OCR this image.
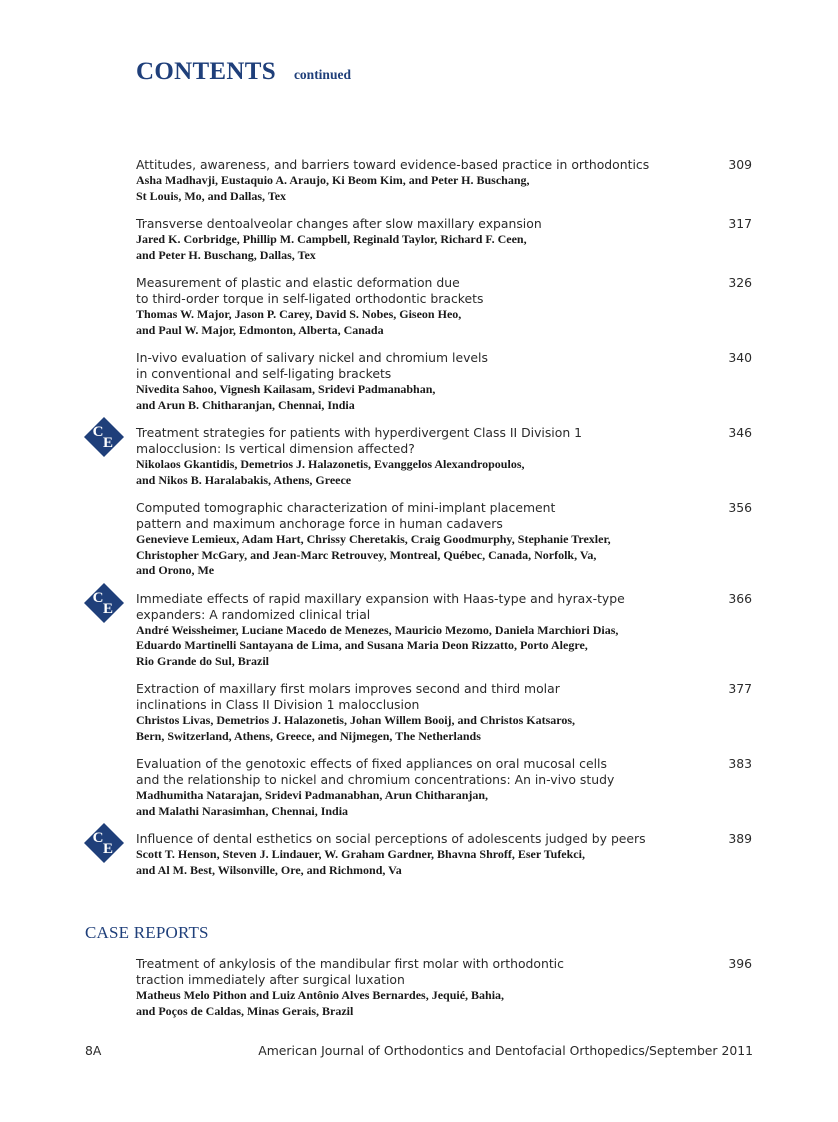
CONTENTS continued

Attitudes, awareness, and barriers toward evidence-based practice in orthodontics

Asha Madhavji, Eustaquio A. Araujo, Ki Beom Kim, and Peter H. Buschang,
St Louis, Mo, and Dallas, Tex

309

Transverse dentoalveolar changes after slow maxillary expansion

Jared K. Corbridge, Phillip M. Campbell, Reginald Taylor, Richard F. Ceen,
and Peter H. Buschang, Dallas, Tex

317

Measurement of plastic and elastic deformation due
to third-order torque in self-ligated orthodontic brackets

Thomas W. Major, Jason P. Carey, David S. Nobes, Giseon Heo,
and Paul W. Major, Edmonton, Alberta, Canada

326

In-vivo evaluation of salivary nickel and chromium levels
in conventional and self-ligating brackets

Nivedita Sahoo, Vignesh Kailasam, Sridevi Padmanabhan,
and Arun B. Chitharanjan, Chennai, India

340
C
E

Treatment strategies for patients with hyperdivergent Class II Division 1
malocclusion: Is vertical dimension affected?

Nikolaos Gkantidis, Demetrios J. Halazonetis, Evanggelos Alexandropoulos,
and Nikos B. Haralabakis, Athens, Greece

346

Computed tomographic characterization of mini-implant placement
pattern and maximum anchorage force in human cadavers

Genevieve Lemieux, Adam Hart, Chrissy Cheretakis, Craig Goodmurphy, Stephanie Trexler,
Christopher McGary, and Jean-Marc Retrouvey, Montreal, Québec, Canada, Norfolk, Va,
and Orono, Me

356
C
E

Immediate effects of rapid maxillary expansion with Haas-type and hyrax-type
expanders: A randomized clinical trial

André Weissheimer, Luciane Macedo de Menezes, Mauricio Mezomo, Daniela Marchiori Dias,
Eduardo Martinelli Santayana de Lima, and Susana Maria Deon Rizzatto, Porto Alegre,
Rio Grande do Sul, Brazil

366

Extraction of maxillary first molars improves second and third molar
inclinations in Class II Division 1 malocclusion

Christos Livas, Demetrios J. Halazonetis, Johan Willem Booij, and Christos Katsaros,
Bern, Switzerland, Athens, Greece, and Nijmegen, The Netherlands

377

Evaluation of the genotoxic effects of fixed appliances on oral mucosal cells
and the relationship to nickel and chromium concentrations: An in-vivo study

Madhumitha Natarajan, Sridevi Padmanabhan, Arun Chitharanjan,
and Malathi Narasimhan, Chennai, India

383
C
E

Influence of dental esthetics on social perceptions of adolescents judged by peers

Scott T. Henson, Steven J. Lindauer, W. Graham Gardner, Bhavna Shroff, Eser Tufekci,
and Al M. Best, Wilsonville, Ore, and Richmond, Va

389
CASE REPORTS

Treatment of ankylosis of the mandibular first molar with orthodontic
traction immediately after surgical luxation

Matheus Melo Pithon and Luiz Antônio Alves Bernardes, Jequié, Bahia,
and Poços de Caldas, Minas Gerais, Brazil

396
8A	American Journal of Orthodontics and Dentofacial Orthopedics/September 2011
